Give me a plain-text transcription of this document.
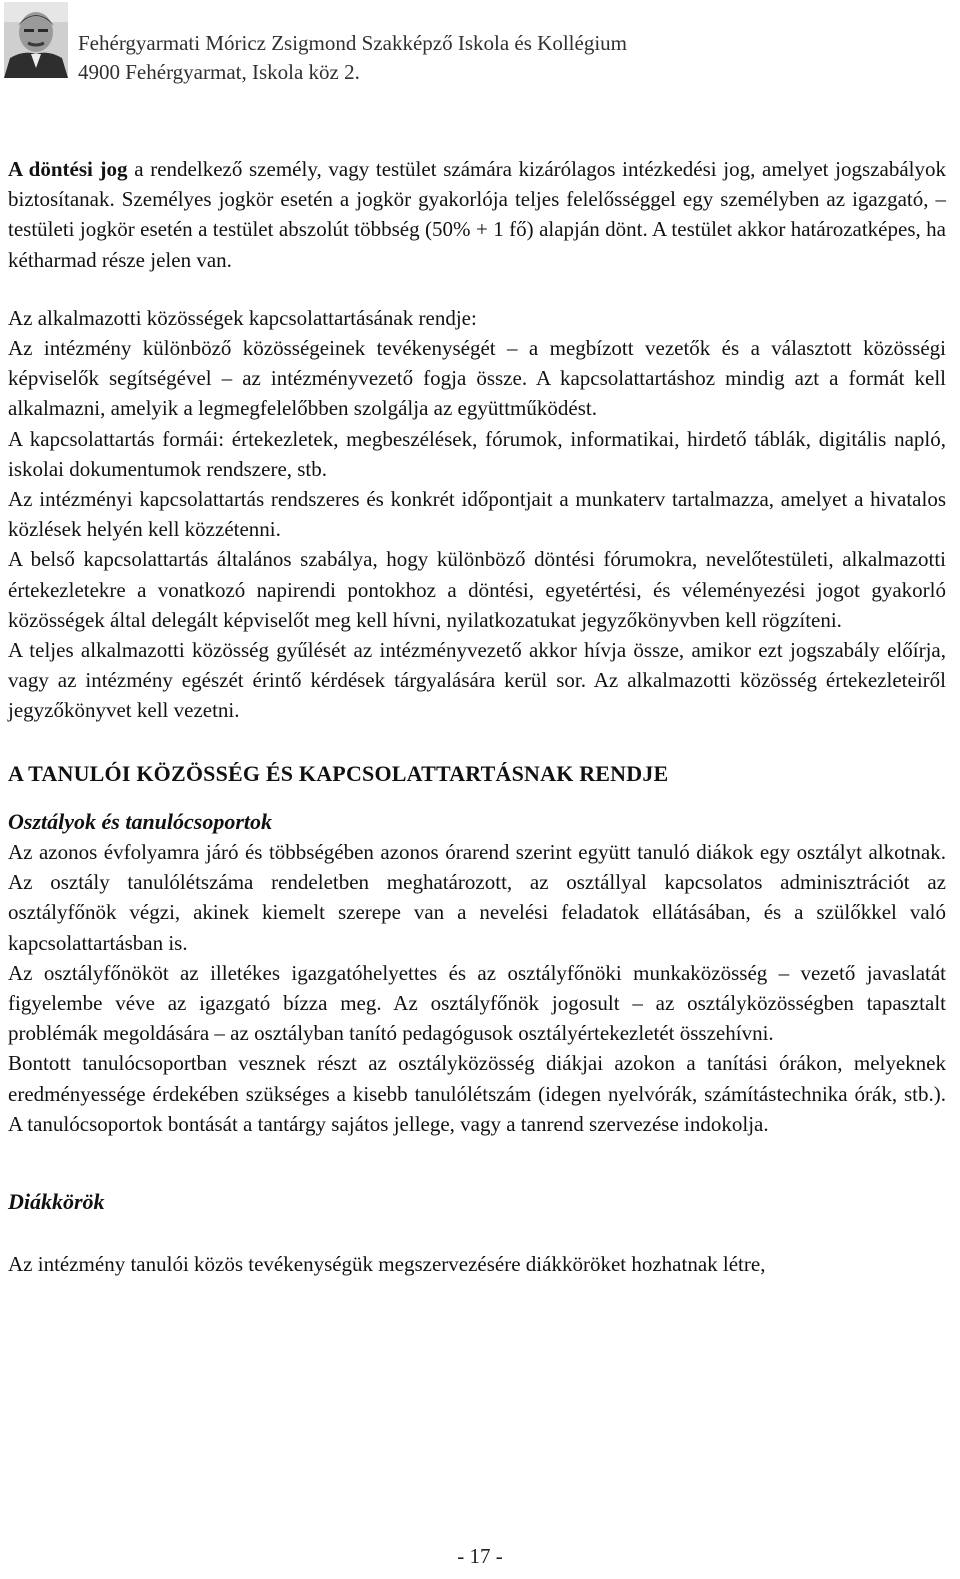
Fehérgyarmati Móricz Zsigmond Szakképző Iskola és Kollégium
4900 Fehérgyarmat, Iskola köz 2.

A döntési jog a rendelkező személy, vagy testület számára kizárólagos intézkedési jog, amelyet jogszabályok biztosítanak. Személyes jogkör esetén a jogkör gyakorlója teljes felelősséggel egy személyben az igazgató, – testületi jogkör esetén a testület abszolút többség (50% + 1 fő) alapján dönt. A testület akkor határozatképes, ha kétharmad része jelen van.

Az alkalmazotti közösségek kapcsolattartásának rendje:

Az intézmény különböző közösségeinek tevékenységét – a megbízott vezetők és a választott közösségi képviselők segítségével – az intézményvezető fogja össze. A kapcsolattartáshoz mindig azt a formát kell alkalmazni, amelyik a legmegfelelőbben szolgálja az együttműködést.

A kapcsolattartás formái: értekezletek, megbeszélések, fórumok, informatikai, hirdető táblák, digitális napló, iskolai dokumentumok rendszere, stb.

Az intézményi kapcsolattartás rendszeres és konkrét időpontjait a munkaterv tartalmazza, amelyet a hivatalos közlések helyén kell közzétenni.

A belső kapcsolattartás általános szabálya, hogy különböző döntési fórumokra, nevelőtestületi, alkalmazotti értekezletekre a vonatkozó napirendi pontokhoz a döntési, egyetértési, és véleményezési jogot gyakorló közösségek által delegált képviselőt meg kell hívni, nyilatkozatukat jegyzőkönyvben kell rögzíteni.

A teljes alkalmazotti közösség gyűlését az intézményvezető akkor hívja össze, amikor ezt jogszabály előírja, vagy az intézmény egészét érintő kérdések tárgyalására kerül sor. Az alkalmazotti közösség értekezleteiről jegyzőkönyvet kell vezetni.

A TANULÓI KÖZÖSSÉG ÉS KAPCSOLATTARTÁSNAK RENDJE

Osztályok és tanulócsoportok

Az azonos évfolyamra járó és többségében azonos órarend szerint együtt tanuló diákok egy osztályt alkotnak. Az osztály tanulólétszáma rendeletben meghatározott, az osztállyal kapcsolatos adminisztrációt az osztályfőnök végzi, akinek kiemelt szerepe van a nevelési feladatok ellátásában, és a szülőkkel való kapcsolattartásban is.

Az osztályfőnököt az illetékes igazgatóhelyettes és az osztályfőnöki munkaközösség – vezető javaslatát figyelembe véve az igazgató bízza meg. Az osztályfőnök jogosult – az osztályközösségben tapasztalt problémák megoldására – az osztályban tanító pedagógusok osztályértekezletét összehívni.

Bontott tanulócsoportban vesznek részt az osztályközösség diákjai azokon a tanítási órákon, melyeknek eredményessége érdekében szükséges a kisebb tanulólétszám (idegen nyelvórák, számítástechnika órák, stb.). A tanulócsoportok bontását a tantárgy sajátos jellege, vagy a tanrend szervezése indokolja.

Diákkörök

Az intézmény tanulói közös tevékenységük megszervezésére diákköröket hozhatnak létre,

- 17 -
